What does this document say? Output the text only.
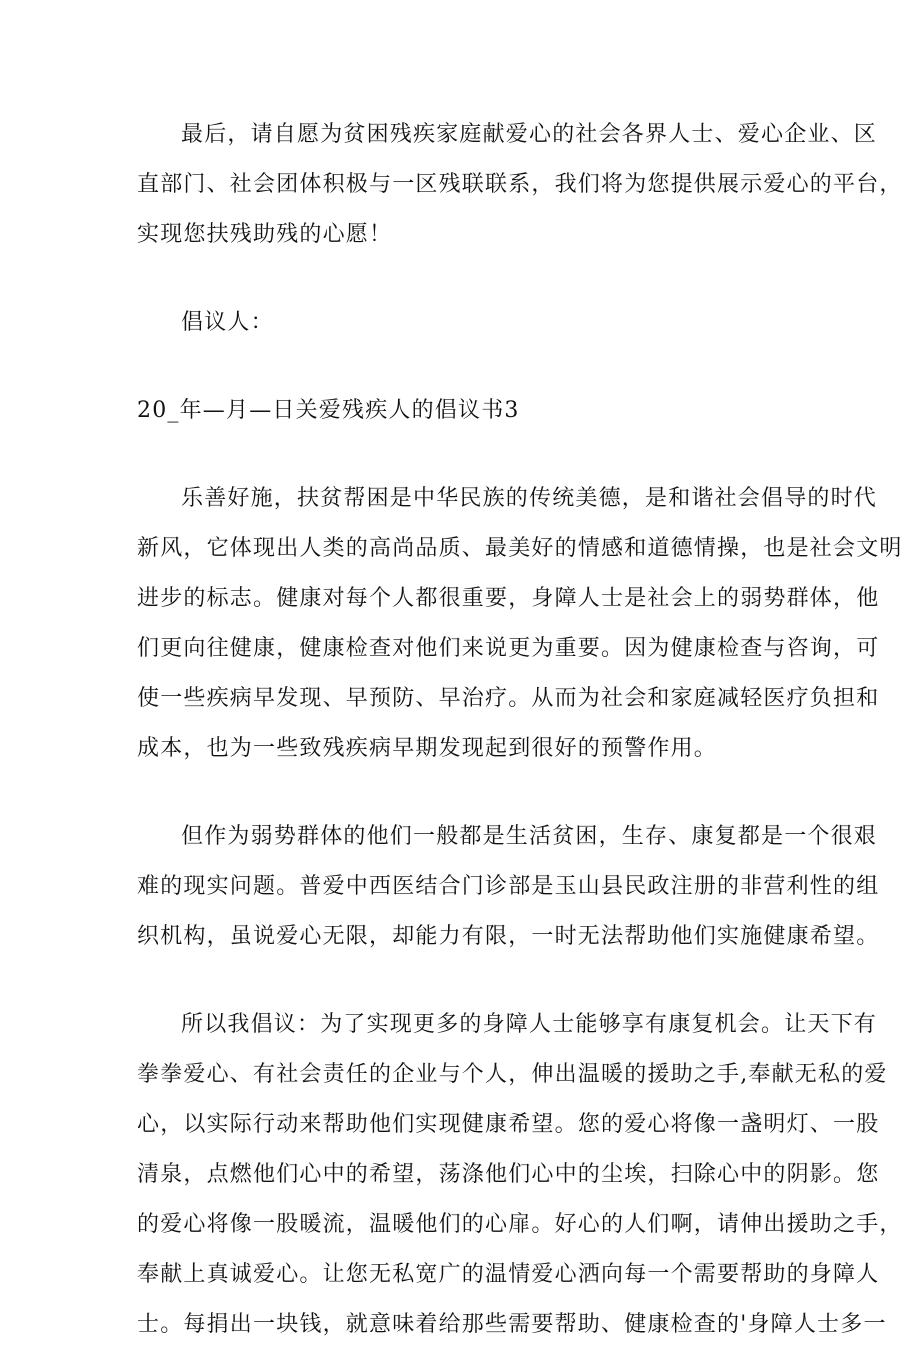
最后，请自愿为贫困残疾家庭献爱心的社会各界人士、爱心企业、区
直部门、社会团体积极与一区残联联系，我们将为您提供展示爱心的平台，
实现您扶残助残的心愿！
倡议人：
20_年—月—日关爱残疾人的倡议书3
乐善好施，扶贫帮困是中华民族的传统美德，是和谐社会倡导的时代
新风，它体现出人类的高尚品质、最美好的情感和道德情操，也是社会文明
进步的标志。健康对每个人都很重要，身障人士是社会上的弱势群体，他
们更向往健康，健康检查对他们来说更为重要。因为健康检查与咨询，可
使一些疾病早发现、早预防、早治疗。从而为社会和家庭减轻医疗负担和
成本，也为一些致残疾病早期发现起到很好的预警作用。
但作为弱势群体的他们一般都是生活贫困，生存、康复都是一个很艰
难的现实问题。普爱中西医结合门诊部是玉山县民政注册的非营利性的组
织机构，虽说爱心无限，却能力有限，一时无法帮助他们实施健康希望。
所以我倡议：为了实现更多的身障人士能够享有康复机会。让天下有
拳拳爱心、有社会责任的企业与个人，伸出温暖的援助之手,奉献无私的爱
心，以实际行动来帮助他们实现健康希望。您的爱心将像一盏明灯、一股
清泉，点燃他们心中的希望，荡涤他们心中的尘埃，扫除心中的阴影。您
的爱心将像一股暖流，温暖他们的心扉。好心的人们啊，请伸出援助之手，
奉献上真诚爱心。让您无私宽广的温情爱心洒向每一个需要帮助的身障人
士。每捐出一块钱，就意味着给那些需要帮助、健康检查的'身障人士多一
